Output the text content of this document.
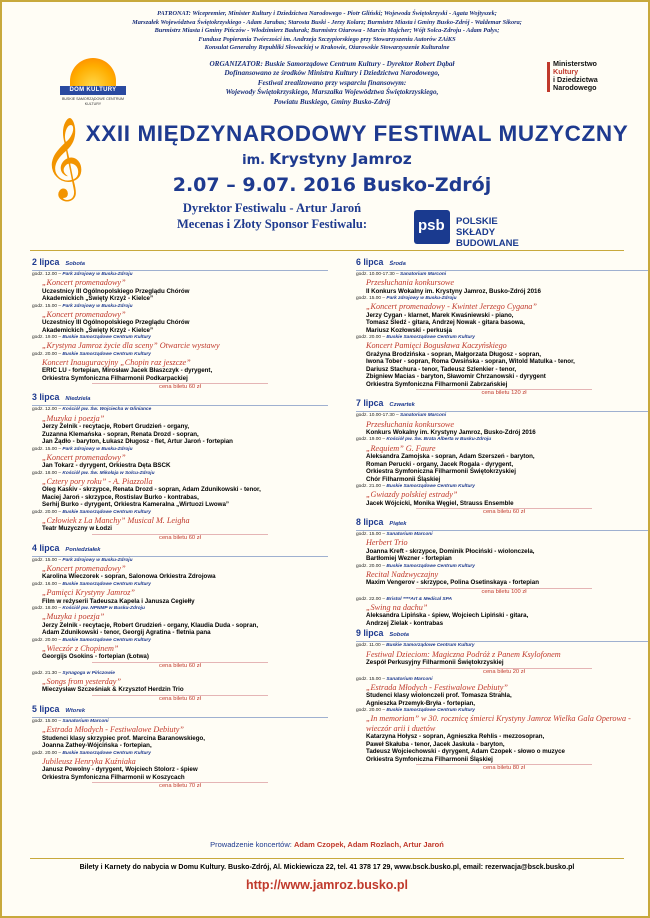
PATRONAT: Wicepremier, Minister Kultury i Dziedzictwa Narodowego - Piotr Gliński; Wojewoda Świętokrzyski - Agata Wojtyszek;
Marszałek Województwa Świętokrzyskiego - Adam Jarubas; Starosta Buski - Jerzy Kolarz; Burmistrz Miasta i Gminy Busko-Zdrój - Waldemar Sikora;
Burmistrz Miasta i Gminy Pińczów - Włodzimierz Badurak; Burmistrz Ożarowa - Marcin Majcher; Wójt Solca-Zdroju - Adam Pałys;
Fundusz Popierania Twórczości im. Andrzeja Szczypiorskiego przy Stowarzyszeniu Autorów ZAiKS
Konsulat Generalny Republiki Słowackiej w Krakowie, Ożarowskie Stowarzyszenie Kulturalne
DOM KULTURY
BUSKIE SAMORZĄDOWE CENTRUM KULTURY
ORGANIZATOR: Buskie Samorządowe Centrum Kultury - Dyrektor Robert Dąbał
Dofinansowano ze środków Ministra Kultury i Dziedzictwa Narodowego,
Festiwal zrealizowano przy wsparciu finansowym:
Wojewody Świętokrzyskiego, Marszałka Województwa Świętokrzyskiego,
Powiatu Buskiego, Gminy Busko-Zdrój
Ministerstwo
Kultury
i Dziedzictwa
Narodowego
𝄞 XXII MIĘDZYNARODOWY FESTIWAL MUZYCZNY
im. Krystyny Jamroz
2.07 – 9.07. 2016 Busko-Zdrój
Dyrektor Festiwalu - Artur Jaroń
Mecenas i Złoty Sponsor Festiwalu:	psb POLSKIE SKŁADY
BUDOWLANE
2 lipca Sobota
godz. 12.00 – Park zdrojowy w Busku-Zdroju
„Koncert promenadowy”
Uczestnicy III Ogólnopolskiego Przeglądu Chórów
Akademickich „Święty Krzyż - Kielce”
godz. 15.00 – Park zdrojowy w Busku-Zdroju
„Koncert promenadowy”
Uczestnicy III Ogólnopolskiego Przeglądu Chórów
Akademickich „Święty Krzyż - Kielce”
godz. 19.00 – Buskie Samorządowe Centrum Kultury
„Krystyna Jamroz życie dla sceny” Otwarcie wystawy
godz. 20.00 – Buskie Samorządowe Centrum Kultury
Koncert Inauguracyjny „Chopin raz jeszcze”
ERIC LU - fortepian, Mirosław Jacek Błaszczyk - dyrygent,
Orkiestra Symfoniczna Filharmonii Podkarpackiej
cena biletu 60 zł
3 lipca Niedziela
godz. 12.00 – Kościół pw. Św. Wojciecha w Gliniance
„Muzyka i poezja”
Jerzy Zelnik - recytacje, Robert Grudzień - organy,
Zuzanna Klemańska - sopran, Renata Drozd - sopran,
Jan Żądło - baryton, Łukasz Długosz - flet, Artur Jaroń - fortepian
godz. 15.00 – Park zdrojowy w Busku-Zdroju
„Koncert promenadowy”
Jan Tokarz - dyrygent, Orkiestra Dęta BSCK
godz. 18.00 – Kościół pw. Św. Mikołaja w Solcu-Zdroju
„Cztery pory roku” - A. Piazzolla
Oleg Kaskiv - skrzypce, Renata Drozd - sopran, Adam Zdunikowski - tenor,
Maciej Jaroń - skrzypce, Rostislav Burko - kontrabas,
Serhij Burko - dyrygent, Orkiestra Kameralna „Wirtuozi Lwowa”
godz. 20.00 – Buskie Samorządowe Centrum Kultury
„Człowiek z La Manchy” Musical M. Leigha
Teatr Muzyczny w Łodzi
cena biletu 60 zł
4 lipca Poniedziałek
godz. 15.00 – Park zdrojowy w Busku-Zdroju
„Koncert promenadowy”
Karolina Wieczorek - sopran, Salonowa Orkiestra Zdrojowa
godz. 16.00 – Buskie Samorządowe Centrum Kultury
„Pamięci Krystyny Jamroz”
Film w reżyserii Tadeusza Kapela i Janusza Cegiełły
godz. 18.00 – Kościół pw. NPNMP w Busku-Zdroju
„Muzyka i poezja”
Jerzy Zelnik - recytacje, Robert Grudzień - organy, Klaudia Duda - sopran,
Adam Zdunikowski - tenor, Georgij Agratina - fletnia pana
godz. 20.00 – Buskie Samorządowe Centrum Kultury
„Wieczór z Chopinem”
Georgijs Osokins - fortepian (Łotwa)
cena biletu 60 zł
godz. 21.30 – Synagoga w Pińczowie
„Songs from yesterday”
Mieczysław Szcześniak & Krzysztof Herdzin Trio
cena biletu 60 zł
5 lipca Wtorek
godz. 15.00 – Sanatorium Marconi
„Estrada Młodych - Festiwalowe Debiuty”
Studenci klasy skrzypiec prof. Marcina Baranowskiego,
Joanna Zathey-Wójcińska - fortepian,
godz. 20.00 – Buskie Samorządowe Centrum Kultury
Jubileusz Henryka Kuźniaka
Janusz Powolny - dyrygent, Wojciech Stolorz - śpiew
Orkiestra Symfoniczna Filharmonii w Koszycach
cena biletu 70 zł
6 lipca Środa
godz. 10.00-17.30 – Sanatorium Marconi
Przesłuchania konkursowe
II Konkurs Wokalny im. Krystyny Jamroz, Busko-Zdrój 2016
godz. 15.00 – Park zdrojowy w Busku-Zdroju
„Koncert promenadowy - Kwintet Jerzego Cygana”
Jerzy Cygan - klarnet, Marek Kwaśniewski - piano,
Tomasz Śledź - gitara, Andrzej Nowak - gitara basowa,
Mariusz Kozłowski - perkusja
godz. 20.00 – Buskie Samorządowe Centrum Kultury
Koncert Pamięci Bogusława Kaczyńskiego
Grażyna Brodzińska - sopran, Małgorzata Długosz - sopran,
Iwona Tober - sopran, Roma Owsińska - sopran, Witold Matulka - tenor,
Dariusz Stachura - tenor, Tadeusz Szlenkier - tenor,
Zbigniew Macias - baryton, Sławomir Chrzanowski - dyrygent
Orkiestra Symfoniczna Filharmonii Zabrzańskiej
cena biletu 120 zł
7 lipca Czwartek
godz. 10.00-17.30 – Sanatorium Marconi
Przesłuchania konkursowe
Konkurs Wokalny im. Krystyny Jamroz, Busko-Zdrój 2016
godz. 19.00 – Kościół pw. Św. Brata Alberta w Busku-Zdroju
„Requiem” G. Faure
Aleksandra Zamojska - sopran, Adam Szerszeń - baryton,
Roman Perucki - organy, Jacek Rogala - dyrygent,
Orkiestra Symfoniczna Filharmonii Świętokrzyskiej
Chór Filharmonii Śląskiej
godz. 21.00 – Buskie Samorządowe Centrum Kultury
„Gwiazdy polskiej estrady”
Jacek Wójcicki, Monika Węgiel, Strauss Ensemble
cena biletu 60 zł
8 lipca Piątek
godz. 15.00 – Sanatorium Marconi
Herbert Trio
Joanna Kreft - skrzypce, Dominik Płociński - wiolonczela,
Bartłomiej Wezner - fortepian
godz. 20.00 – Buskie Samorządowe Centrum Kultury
Recital Nadzwyczajny
Maxim Vengerov - skrzypce, Polina Osetinskaya - fortepian
cena biletu 100 zł
godz. 22.00 – Bristol ****Art & Medical SPA
„Swing na dachu”
Aleksandra Lipińska - śpiew, Wojciech Lipiński - gitara,
Andrzej Zielak - kontrabas
9 lipca Sobota
godz. 11.00 – Buskie Samorządowe Centrum Kultury
Festiwal Dzieciom: Magiczna Podróż z Panem Ksylofonem
Zespół Perkusyjny Filharmonii Świętokrzyskiej
cena biletu 20 zł
godz. 15.00 – Sanatorium Marconi
„Estrada Młodych - Festiwalowe Debiuty”
Studenci klasy wiolonczeli prof. Tomasza Strahla,
Agnieszka Przemyk-Bryła - fortepian,
godz. 20.00 – Buskie Samorządowe Centrum Kultury
„In memoriam” w 30. rocznicę śmierci Krystyny Jamroz Wielka Gala Operowa - wieczór arii i duetów
Katarzyna Hołysz - sopran, Agnieszka Rehlis - mezzosopran,
Paweł Skałuba - tenor, Jacek Jaskuła - baryton,
Tadeusz Wojciechowski - dyrygent, Adam Czopek - słowo o muzyce
Orkiestra Symfoniczna Filharmonii Śląskiej
cena biletu 80 zł
Prowadzenie koncertów: Adam Czopek, Adam Rozlach, Artur Jaroń
Bilety i Karnety do nabycia w Domu Kultury. Busko-Zdrój, Al. Mickiewicza 22, tel. 41 378 17 29, www.bsck.busko.pl, email: rezerwacja@bsck.busko.pl
http://www.jamroz.busko.pl
